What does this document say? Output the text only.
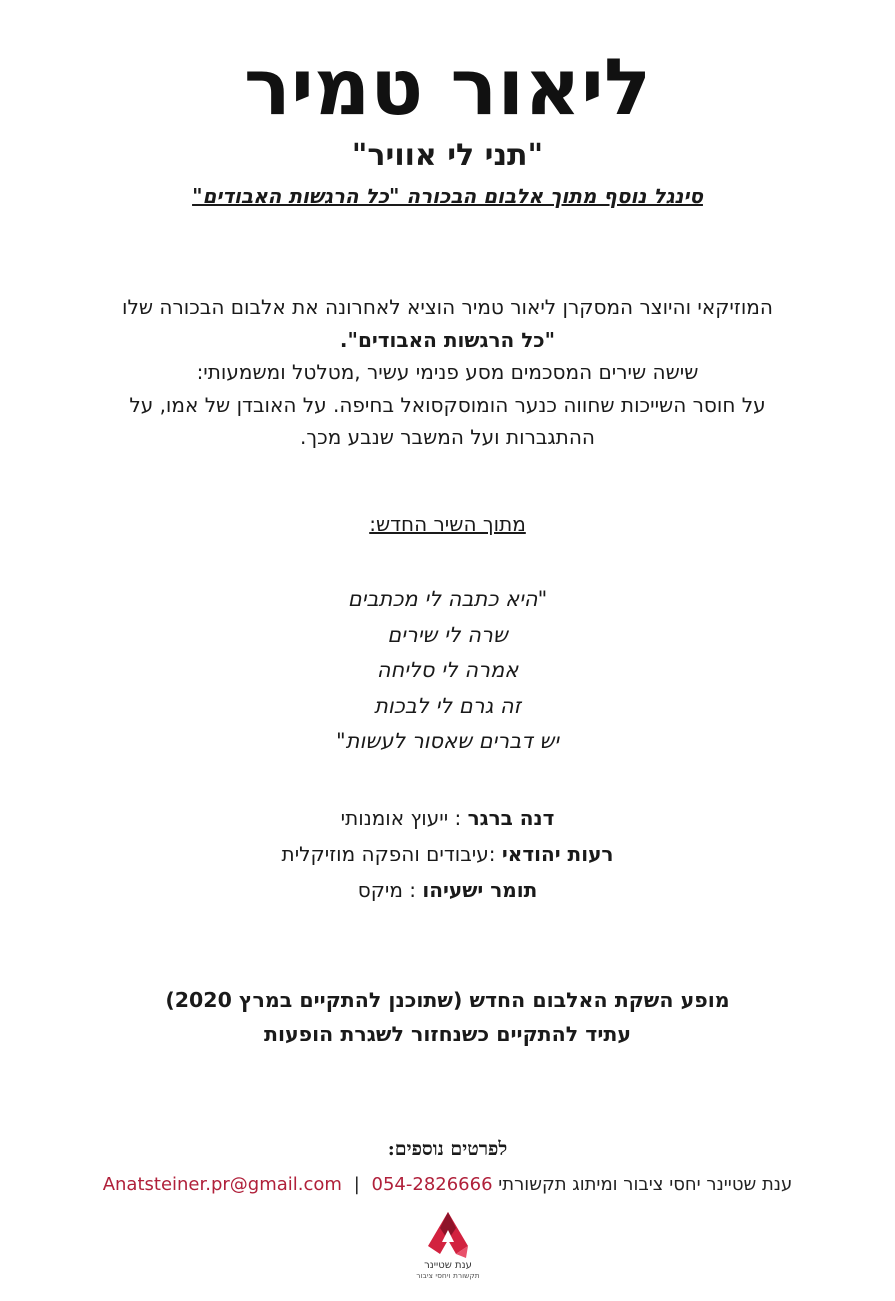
ליאור טמיר
"תני לי אוויר"
סינגל נוסף מתוך אלבום הבכורה "כל הרגשות האבודים"
המוזיקאי והיוצר המסקרן ליאור טמיר הוציא לאחרונה את אלבום הבכורה שלו
"כל הרגשות האבודים".
שישה שירים המסכמים מסע פנימי עשיר ,מטלטל ומשמעותי:
על חוסר השייכות שחווה כנער הומוסקסואל בחיפה. על האובדן של אמו, על
ההתגברות ועל המשבר שנבע מכך.
מתוך השיר החדש:
"היא כתבה לי מכתבים
שרה לי שירים
אמרה לי סליחה
זה גרם לי לבכות
יש דברים שאסור לעשות"
דנה ברגר : ייעוץ אומנותי
רעות יהודאי :עיבודים והפקה מוזיקלית
תומר ישעיהו : מיקס
מופע השקת האלבום החדש (שתוכנן להתקיים במרץ 2020)
עתיד להתקיים כשנחזור לשגרת הופעות
לפרטים נוספים:
ענת שטיינר יחסי ציבור ומיתוג תקשורתי 054-2826666 | Anatsteiner.pr@gmail.com
ענת שטיינר
תקשורת ויחסי ציבור
